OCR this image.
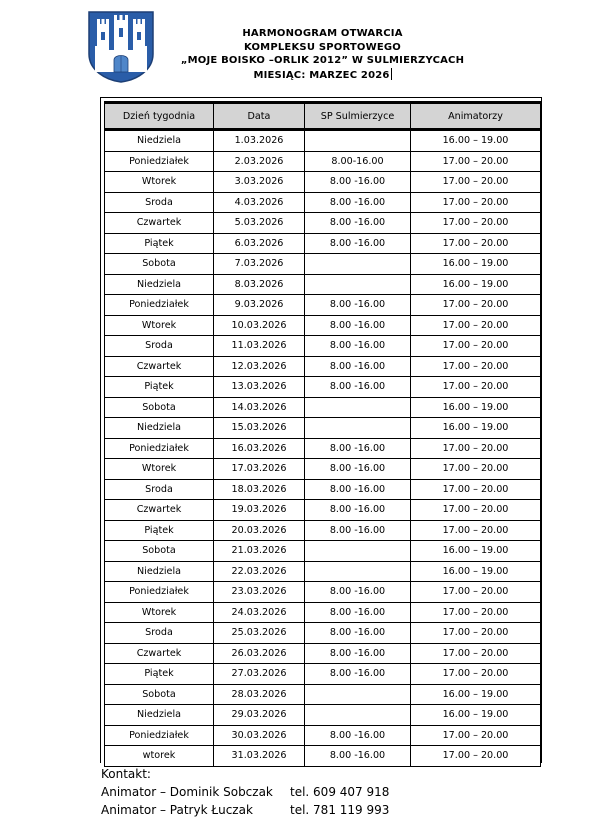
HARMONOGRAM OTWARCIA
KOMPLEKSU SPORTOWEGO
„MOJE BOISKO –ORLIK 2012” W SULMIERZYCACH
MIESIĄC: MARZEC 2026
Dzień tygodnia	Data	SP Sulmierzyce	Animatorzy
Niedziela	1.03.2026		16.00 – 19.00
Poniedziałek	2.03.2026	8.00-16.00	17.00 – 20.00
Wtorek	3.03.2026	8.00 -16.00	17.00 – 20.00
Sroda	4.03.2026	8.00 -16.00	17.00 – 20.00
Czwartek	5.03.2026	8.00 -16.00	17.00 – 20.00
Piątek	6.03.2026	8.00 -16.00	17.00 – 20.00
Sobota	7.03.2026		16.00 – 19.00
Niedziela	8.03.2026		16.00 – 19.00
Poniedziałek	9.03.2026	8.00 -16.00	17.00 – 20.00
Wtorek	10.03.2026	8.00 -16.00	17.00 – 20.00
Sroda	11.03.2026	8.00 -16.00	17.00 – 20.00
Czwartek	12.03.2026	8.00 -16.00	17.00 – 20.00
Piątek	13.03.2026	8.00 -16.00	17.00 – 20.00
Sobota	14.03.2026		16.00 – 19.00
Niedziela	15.03.2026		16.00 – 19.00
Poniedziałek	16.03.2026	8.00 -16.00	17.00 – 20.00
Wtorek	17.03.2026	8.00 -16.00	17.00 – 20.00
Sroda	18.03.2026	8.00 -16.00	17.00 – 20.00
Czwartek	19.03.2026	8.00 -16.00	17.00 – 20.00
Piątek	20.03.2026	8.00 -16.00	17.00 – 20.00
Sobota	21.03.2026		16.00 – 19.00
Niedziela	22.03.2026		16.00 – 19.00
Poniedziałek	23.03.2026	8.00 -16.00	17.00 – 20.00
Wtorek	24.03.2026	8.00 -16.00	17.00 – 20.00
Sroda	25.03.2026	8.00 -16.00	17.00 – 20.00
Czwartek	26.03.2026	8.00 -16.00	17.00 – 20.00
Piątek	27.03.2026	8.00 -16.00	17.00 – 20.00
Sobota	28.03.2026		16.00 – 19.00
Niedziela	29.03.2026		16.00 – 19.00
Poniedziałek	30.03.2026	8.00 -16.00	17.00 – 20.00
wtorek	31.03.2026	8.00 -16.00	17.00 – 20.00
Kontakt:
Animator – Dominik Sobczak	tel. 609 407 918
Animator – Patryk Łuczak	tel. 781 119 993
